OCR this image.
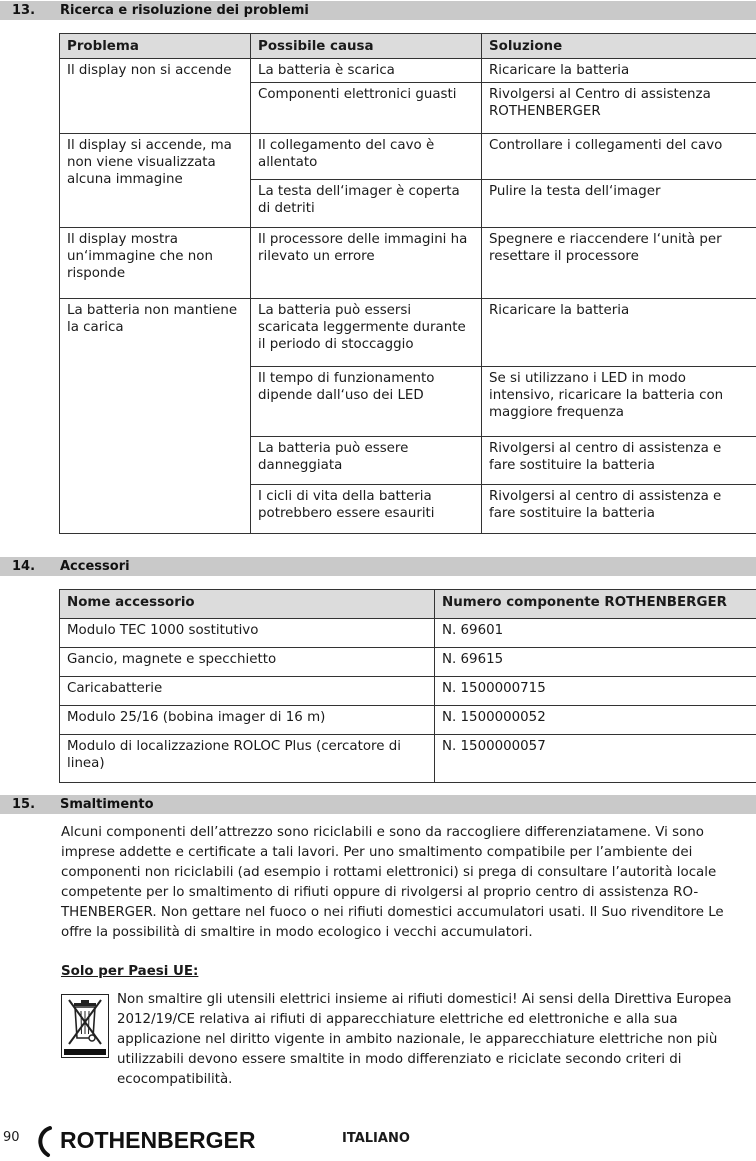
13. Ricerca e risoluzione dei problemi
Problema	Possibile causa	Soluzione
Il display non si accende	La batteria è scarica	Ricaricare la batteria
	Componenti elettronici guasti	Rivolgersi al Centro di assistenza ROTHENBERGER
Il display si accende, ma non viene visualizzata alcuna immagine	Il collegamento del cavo è allentato	Controllare i collegamenti del cavo
	La testa dell‘imager è coperta di detriti	Pulire la testa dell‘imager
Il display mostra un‘immagine che non risponde	Il processore delle immagini ha rilevato un errore	Spegnere e riaccendere l‘unità per resettare il processore
La batteria non mantiene la carica	La batteria può essersi scaricata leggermente durante il periodo di stoccaggio	Ricaricare la batteria
	Il tempo di funzionamento dipende dall‘uso dei LED	Se si utilizzano i LED in modo intensivo, ricaricare la batteria con maggiore frequenza
	La batteria può essere danneggiata	Rivolgersi al centro di assistenza e fare sostituire la batteria
	I cicli di vita della batteria potrebbero essere esauriti	Rivolgersi al centro di assistenza e fare sostituire la batteria
14. Accessori
Nome accessorio	Numero componente ROTHENBERGER
Modulo TEC 1000 sostitutivo	N. 69601
Gancio, magnete e specchietto	N. 69615
Caricabatterie	N. 1500000715
Modulo 25/16 (bobina imager di 16 m)	N. 1500000052
Modulo di localizzazione ROLOC Plus (cercatore di linea)	N. 1500000057
15. Smaltimento

Alcuni componenti dell’attrezzo sono riciclabili e sono da raccogliere differenziatamene. Vi sono imprese addette e certificate a tali lavori. Per uno smaltimento compatibile per l’ambiente dei componenti non riciclabili (ad esempio i rottami elettronici) si prega di consultare l’autorità locale competente per lo smaltimento di rifiuti oppure di rivolgersi al proprio centro di assistenza RO-THENBERGER. Non gettare nel fuoco o nei rifiuti domestici accumulatori usati. Il Suo rivenditore Le offre la possibilità di smaltire in modo ecologico i vecchi accumulatori.

Solo per Paesi UE:

Non smaltire gli utensili elettrici insieme ai rifiuti domestici! Ai sensi della Direttiva Europea 2012/19/CE relativa ai rifiuti di apparecchiature elettriche ed elettroniche e alla sua applicazione nel diritto vigente in ambito nazionale, le apparecchiature elettriche non più utilizzabili devono essere smaltite in modo differenziato e riciclate secondo criteri di ecocompatibilità.

90 ROTHENBERGER	ITALIANO
